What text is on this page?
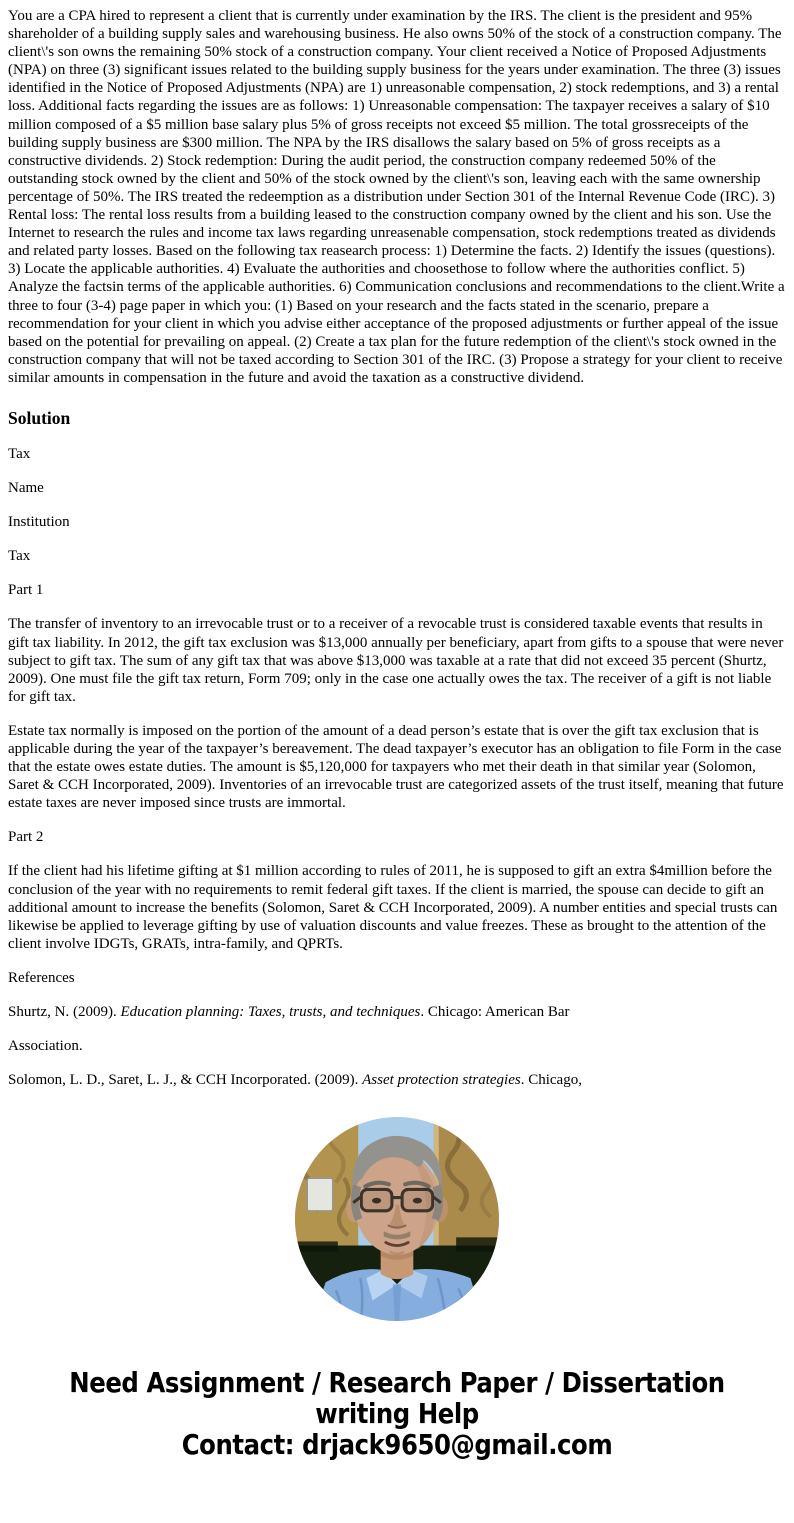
You are a CPA hired to represent a client that is currently under examination by the IRS. The client is the president and 95% shareholder of a building supply sales and warehousing business. He also owns 50% of the stock of a construction company. The client\'s son owns the remaining 50% stock of a construction company. Your client received a Notice of Proposed Adjustments (NPA) on three (3) significant issues related to the building supply business for the years under examination. The three (3) issues identified in the Notice of Proposed Adjustments (NPA) are 1) unreasonable compensation, 2) stock redemptions, and 3) a rental loss. Additional facts regarding the issues are as follows: 1) Unreasonable compensation: The taxpayer receives a salary of $10 million composed of a $5 million base salary plus 5% of gross receipts not exceed $5 million. The total grossreceipts of the building supply business are $300 million. The NPA by the IRS disallows the salary based on 5% of gross receipts as a constructive dividends. 2) Stock redemption: During the audit period, the construction company redeemed 50% of the outstanding stock owned by the client and 50% of the stock owned by the client\'s son, leaving each with the same ownership percentage of 50%. The IRS treated the redeemption as a distribution under Section 301 of the Internal Revenue Code (IRC). 3) Rental loss: The rental loss results from a building leased to the construction company owned by the client and his son. Use the Internet to research the rules and income tax laws regarding unreasenable compensation, stock redemptions treated as dividends and related party losses. Based on the following tax reasearch process: 1) Determine the facts. 2) Identify the issues (questions). 3) Locate the applicable authorities. 4) Evaluate the authorities and choosethose to follow where the authorities conflict. 5) Analyze the factsin terms of the applicable authorities. 6) Communication conclusions and recommendations to the client.Write a three to four (3-4) page paper in which you: (1) Based on your research and the facts stated in the scenario, prepare a recommendation for your client in which you advise either acceptance of the proposed adjustments or further appeal of the issue based on the potential for prevailing on appeal. (2) Create a tax plan for the future redemption of the client\'s stock owned in the construction company that will not be taxed according to Section 301 of the IRC. (3) Propose a strategy for your client to receive similar amounts in compensation in the future and avoid the taxation as a constructive dividend.

Solution

Tax

Name

Institution

Tax

Part 1

The transfer of inventory to an irrevocable trust or to a receiver of a revocable trust is considered taxable events that results in gift tax liability. In 2012, the gift tax exclusion was $13,000 annually per beneficiary, apart from gifts to a spouse that were never subject to gift tax. The sum of any gift tax that was above $13,000 was taxable at a rate that did not exceed 35 percent (Shurtz, 2009). One must file the gift tax return, Form 709; only in the case one actually owes the tax. The receiver of a gift is not liable for gift tax.

Estate tax normally is imposed on the portion of the amount of a dead person’s estate that is over the gift tax exclusion that is applicable during the year of the taxpayer’s bereavement. The dead taxpayer’s executor has an obligation to file Form in the case that the estate owes estate duties. The amount is $5,120,000 for taxpayers who met their death in that similar year (Solomon, Saret & CCH Incorporated, 2009). Inventories of an irrevocable trust are categorized assets of the trust itself, meaning that future estate taxes are never imposed since trusts are immortal.

Part 2

If the client had his lifetime gifting at $1 million according to rules of 2011, he is supposed to gift an extra $4million before the conclusion of the year with no requirements to remit federal gift taxes. If the client is married, the spouse can decide to gift an additional amount to increase the benefits (Solomon, Saret & CCH Incorporated, 2009). A number entities and special trusts can likewise be applied to leverage gifting by use of valuation discounts and value freezes. These as brought to the attention of the client involve IDGTs, GRATs, intra-family, and QPRTs.

References

Shurtz, N. (2009). Education planning: Taxes, trusts, and techniques. Chicago: American Bar

Association.

Solomon, L. D., Saret, L. J., & CCH Incorporated. (2009). Asset protection strategies. Chicago,

Need Assignment / Research Paper / Dissertation
writing Help
Contact: drjack9650@gmail.com
